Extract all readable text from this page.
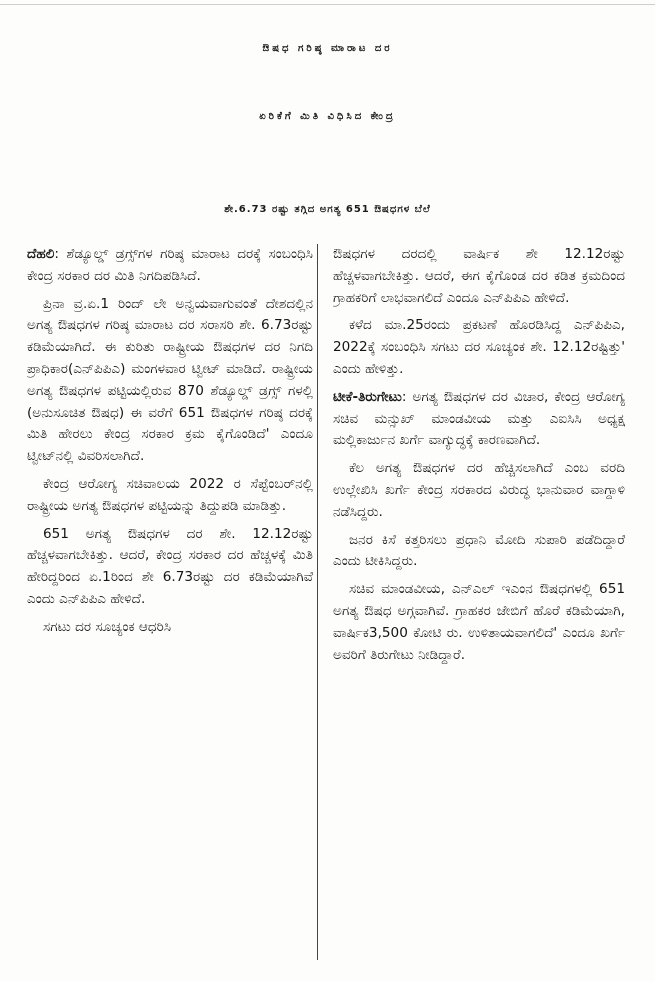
ಔಷಧ ಗರಿಷ್ಠ ಮಾರಾಟ ದರ
ಏರಿಕೆಗೆ ಮಿತಿ ವಿಧಿಸಿದ ಕೇಂದ್ರ
ಶೇ.6.73 ರಷ್ಟು ತಗ್ಗಿದ ಅಗತ್ಯ 651 ಔಷಧಗಳ ಬೆಲೆ

ದೆಹಲಿ: ಶೆಡ್ಯೂಲ್ಡ್ ಡ್ರಗ್ಸ್‌ಗಳ ಗರಿಷ್ಠ ಮಾರಾಟ ದರಕ್ಕೆ ಸಂಬಂಧಿಸಿ ಕೇಂದ್ರ ಸರಕಾರ ದರ ಮಿತಿ ನಿಗದಿಪಡಿಸಿದೆ.

ಪ್ರಿನಾ ವ್ರ.ಏ.1 ರಿಂದ್ ಲೇ ಅನ್ವಯವಾಗುವಂತೆ ದೇಶದಲ್ಲಿನ ಅಗತ್ಯ ಔಷಧಗಳ ಗರಿಷ್ಠ ಮಾರಾಟ ದರ ಸರಾಸರಿ ಶೇ. 6.73ರಷ್ಟು ಕಡಿಮೆಯಾಗಿದೆ. ಈ ಕುರಿತು ರಾಷ್ಟ್ರೀಯ ಔಷಧಗಳ ದರ ನಿಗದಿ ಪ್ರಾಧಿಕಾರ(ಎನ್‌ಪಿಪಿಎ) ಮಂಗಳವಾರ ಟ್ವೀಟ್ ಮಾಡಿದೆ. ರಾಷ್ಟ್ರೀಯ ಅಗತ್ಯ ಔಷಧಗಳ ಪಟ್ಟಿಯಲ್ಲಿರುವ 870 ಶೆಡ್ಯೂಲ್ಡ್ ಡ್ರಗ್ಸ್ ಗಳಲ್ಲಿ (ಅನುಸೂಚಿತ ಔಷಧ) ಈ ವರೆಗೆ 651 ಔಷಧಗಳ ಗರಿಷ್ಠ ದರಕ್ಕೆ ಮಿತಿ ಹೇರಲು ಕೇಂದ್ರ ಸರಕಾರ ಕ್ರಮ ಕೈಗೊಂಡಿದೆ' ಎಂದೂ ಟ್ವೀಟ್‌ನಲ್ಲಿ ವಿವರಿಸಲಾಗಿದೆ.

ಕೇಂದ್ರ ಆರೋಗ್ಯ ಸಚಿವಾಲಯ 2022 ರ ಸೆಪ್ಟೆಂಬರ್‌ನಲ್ಲಿ ರಾಷ್ಟ್ರೀಯ ಅಗತ್ಯ ಔಷಧಗಳ ಪಟ್ಟಿಯನ್ನು ತಿದ್ದುಪಡಿ ಮಾಡಿತ್ತು.

651 ಅಗತ್ಯ ಔಷಧಗಳ ದರ ಶೇ. 12.12ರಷ್ಟು ಹೆಚ್ಚಳವಾಗಬೇಕಿತ್ತು. ಆದರೆ, ಕೇಂದ್ರ ಸರಕಾರ ದರ ಹೆಚ್ಚಳಕ್ಕೆ ಮಿತಿ ಹೇರಿದ್ದರಿಂದ ಏ.1ರಿಂದ ಶೇ 6.73ರಷ್ಟು ದರ ಕಡಿಮೆಯಾಗಿವೆ ಎಂದು ಎನ್‌ಪಿಪಿಎ ಹೇಳಿದೆ.

ಸಗಟು ದರ ಸೂಚ್ಯಂಕ ಆಧರಿಸಿ

ಔಷಧಗಳ ದರದಲ್ಲಿ ವಾರ್ಷಿಕ ಶೇ 12.12ರಷ್ಟು ಹೆಚ್ಚಳವಾಗಬೇಕಿತ್ತು. ಆದರೆ, ಈಗ ಕೈಗೊಂಡ ದರ ಕಡಿತ ಕ್ರಮದಿಂದ ಗ್ರಾಹಕರಿಗೆ ಲಾಭವಾಗಲಿದೆ ಎಂದೂ ಎನ್‌ಪಿಪಿಎ ಹೇಳಿದೆ.

ಕಳೆದ ಮಾ.25ರಂದು ಪ್ರಕಟಣೆ ಹೊರಡಿಸಿದ್ದ ಎನ್‌ಪಿಪಿಎ, 2022ಕ್ಕೆ ಸಂಬಂಧಿಸಿ ಸಗಟು ದರ ಸೂಚ್ಯಂಕ ಶೇ. 12.12ರಷ್ಟಿತ್ತು' ಎಂದು ಹೇಳಿತ್ತು.

ಟೀಕೆ-ತಿರುಗೇಟು: ಅಗತ್ಯ ಔಷಧಗಳ ದರ ವಿಚಾರ, ಕೇಂದ್ರ ಆರೋಗ್ಯ ಸಚಿವ ಮನ್ಸುಖ್ ಮಾಂಡವೀಯ ಮತ್ತು ಎಐಸಿಸಿ ಅಧ್ಯಕ್ಷ ಮಲ್ಲಿಕಾರ್ಜುನ ಖರ್ಗೆ ವಾಗ್ಯುದ್ಧಕ್ಕೆ ಕಾರಣವಾಗಿದೆ.

ಕೆಲ ಅಗತ್ಯ ಔಷಧಗಳ ದರ ಹೆಚ್ಚಿಸಲಾಗಿದೆ ಎಂಬ ವರದಿ ಉಲ್ಲೇಖಿಸಿ ಖರ್ಗೆ ಕೇಂದ್ರ ಸರಕಾರದ ವಿರುದ್ಧ ಭಾನುವಾರ ವಾಗ್ದಾಳಿ ನಡೆಸಿದ್ದರು.

ಜನರ ಕಿಸೆ ಕತ್ತರಿಸಲು ಪ್ರಧಾನಿ ಮೋದಿ ಸುಪಾರಿ ಪಡೆದಿದ್ದಾರೆ ಎಂದು ಟೀಕಿಸಿದ್ದರು.

ಸಚಿವ ಮಾಂಡವೀಯ, ಎನ್‌ಎಲ್ ಇಎಂನ ಔಷಧಗಳಲ್ಲಿ 651 ಅಗತ್ಯ ಔಷಧ ಅಗ್ಗವಾಗಿವೆ. ಗ್ರಾಹಕರ ಜೇಬಿಗೆ ಹೊರೆ ಕಡಿಮೆಯಾಗಿ, ವಾರ್ಷಿಕ3,500 ಕೋಟಿ ರು. ಉಳಿತಾಯವಾಗಲಿದೆ' ಎಂದೂ ಖರ್ಗೆ ಅವರಿಗೆ ತಿರುಗೇಟು ನೀಡಿದ್ದಾರೆ.
